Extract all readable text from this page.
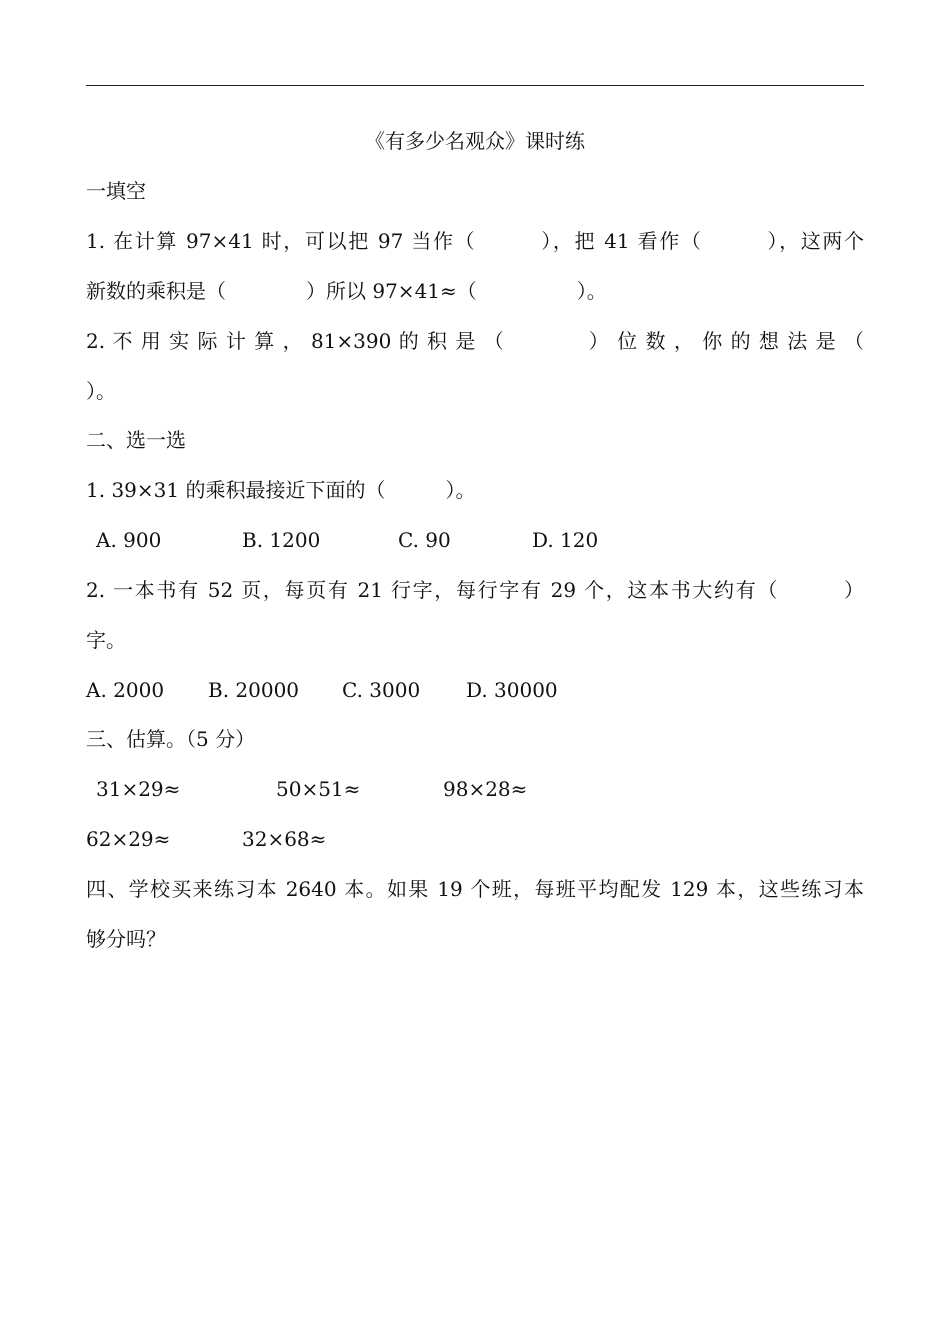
《有多少名观众》课时练
一填空
1. 在计算 97×41 时，可以把 97 当作（　　　），把 41 看作（　　　），这两个
新数的乘积是（　　　　）所以 97×41≈（　　　　　）。
2. 不 用 实 际 计 算 ， 81×390 的 积 是 （　　　　） 位 数 ， 你 的 想 法 是 （
）。
二、选一选
1. 39×31 的乘积最接近下面的（　　　）。
A. 900	B. 1200	C. 90	D. 120
2. 一本书有 52 页，每页有 21 行字，每行字有 29 个，这本书大约有（　　　）
字。
A. 2000 B. 20000 C. 3000 D. 30000
三、估算。（5 分）
31×29≈	50×51≈	98×28≈
62×29≈	32×68≈
四、学校买来练习本 2640 本。如果 19 个班，每班平均配发 129 本，这些练习本
够分吗？
